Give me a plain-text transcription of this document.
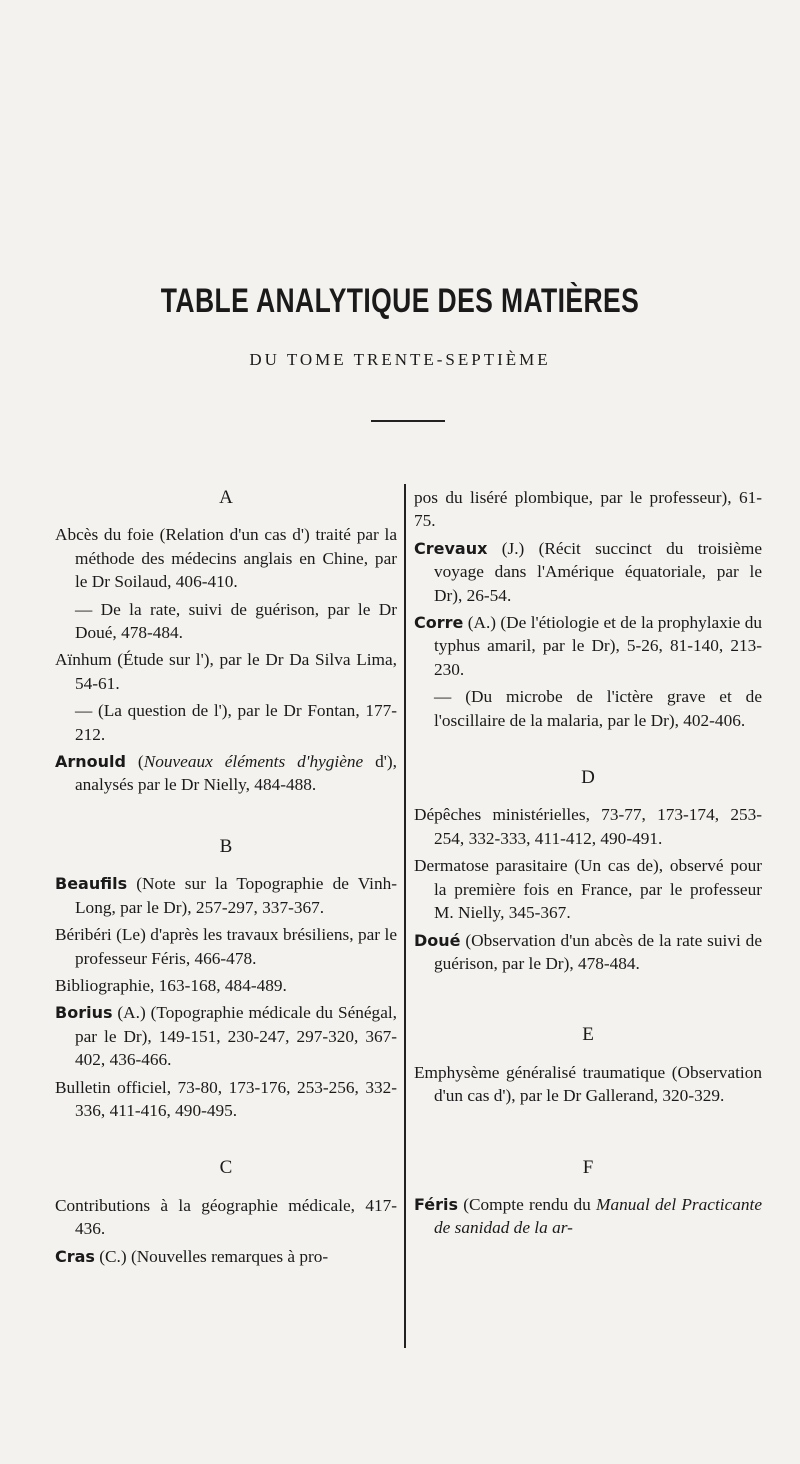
TABLE ANALYTIQUE DES MATIÈRES
DU TOME TRENTE-SEPTIÈME

A

Abcès du foie (Relation d'un cas d') traité par la méthode des médecins anglais en Chine, par le Dr Soilaud, 406-410.

— De la rate, suivi de guérison, par le Dr Doué, 478-484.

Aïnhum (Étude sur l'), par le Dr Da Silva Lima, 54-61.

— (La question de l'), par le Dr Fontan, 177-212.

Arnould (Nouveaux éléments d'hygiène d'), analysés par le Dr Nielly, 484-488.

B

Beaufils (Note sur la Topographie de Vinh-Long, par le Dr), 257-297, 337-367.

Béribéri (Le) d'après les travaux brésiliens, par le professeur Féris, 466-478.

Bibliographie, 163-168, 484-489.

Borius (A.) (Topographie médicale du Sénégal, par le Dr), 149-151, 230-247, 297-320, 367-402, 436-466.

Bulletin officiel, 73-80, 173-176, 253-256, 332-336, 411-416, 490-495.

C

Contributions à la géographie médicale, 417-436.

Cras (C.) (Nouvelles remarques à pro-

pos du liséré plombique, par le professeur), 61-75.

Crevaux (J.) (Récit succinct du troisième voyage dans l'Amérique équatoriale, par le Dr), 26-54.

Corre (A.) (De l'étiologie et de la prophylaxie du typhus amaril, par le Dr), 5-26, 81-140, 213-230.

— (Du microbe de l'ictère grave et de l'oscillaire de la malaria, par le Dr), 402-406.

D

Dépêches ministérielles, 73-77, 173-174, 253-254, 332-333, 411-412, 490-491.

Dermatose parasitaire (Un cas de), observé pour la première fois en France, par le professeur M. Nielly, 345-367.

Doué (Observation d'un abcès de la rate suivi de guérison, par le Dr), 478-484.

E

Emphysème généralisé traumatique (Observation d'un cas d'), par le Dr Gallerand, 320-329.

F

Féris (Compte rendu du Manual del Practicante de sanidad de la ar-
